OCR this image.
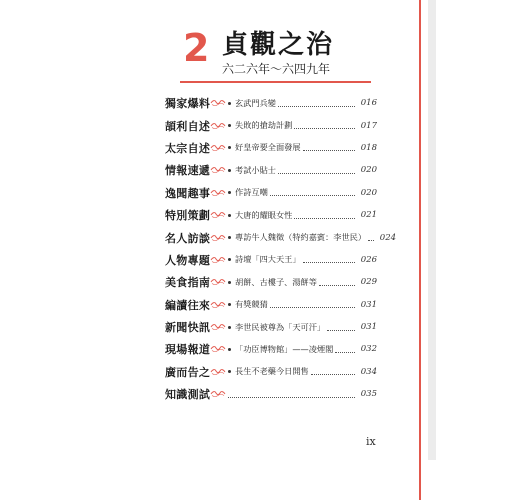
2 貞觀之治
六二六年～六四九年
獨家爆料	玄武門兵變	016
頡利自述	失敗的搶劫計劃	017
太宗自述	好皇帝要全面發展	018
情報速遞	考試小貼士	020
逸聞趣事	作詩互嘲	020
特別策劃	大唐的耀眼女性	021
名人訪談	專訪牛人魏徵（特約嘉賓：李世民）	024
人物專題	詩壇「四大天王」	026
美食指南	胡餅、古樓子、湯餅等	029
編讀往來	有獎競猜	031
新聞快訊	李世民被尊為「天可汗」	031
現場報道	「功臣博物館」——凌煙閣	032
廣而告之	長生不老藥今日開售	034
知識測試	035
ix
